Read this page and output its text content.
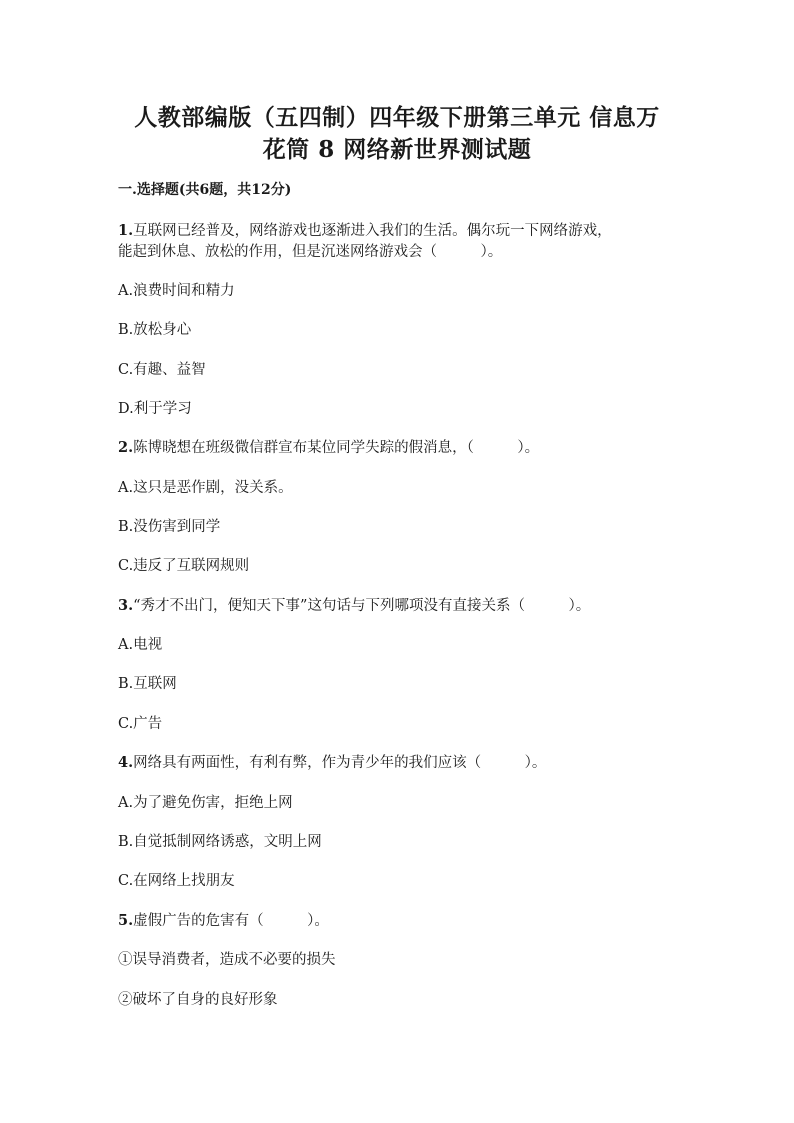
人教部编版（五四制）四年级下册第三单元 信息万
花筒 8 网络新世界测试题
一.选择题(共6题，共12分)
1.互联网已经普及，网络游戏也逐渐进入我们的生活。偶尔玩一下网络游戏，
能起到休息、放松的作用，但是沉迷网络游戏会（　　　）。
A.浪费时间和精力
B.放松身心
C.有趣、益智
D.利于学习
2.陈博晓想在班级微信群宣布某位同学失踪的假消息，（　　　）。
A.这只是恶作剧，没关系。
B.没伤害到同学
C.违反了互联网规则
3.“秀才不出门，便知天下事”这句话与下列哪项没有直接关系（　　　）。
A.电视
B.互联网
C.广告
4.网络具有两面性，有利有弊，作为青少年的我们应该（　　　）。
A.为了避免伤害，拒绝上网
B.自觉抵制网络诱惑，文明上网
C.在网络上找朋友
5.虚假广告的危害有（　　　）。
①误导消费者，造成不必要的损失
②破坏了自身的良好形象
